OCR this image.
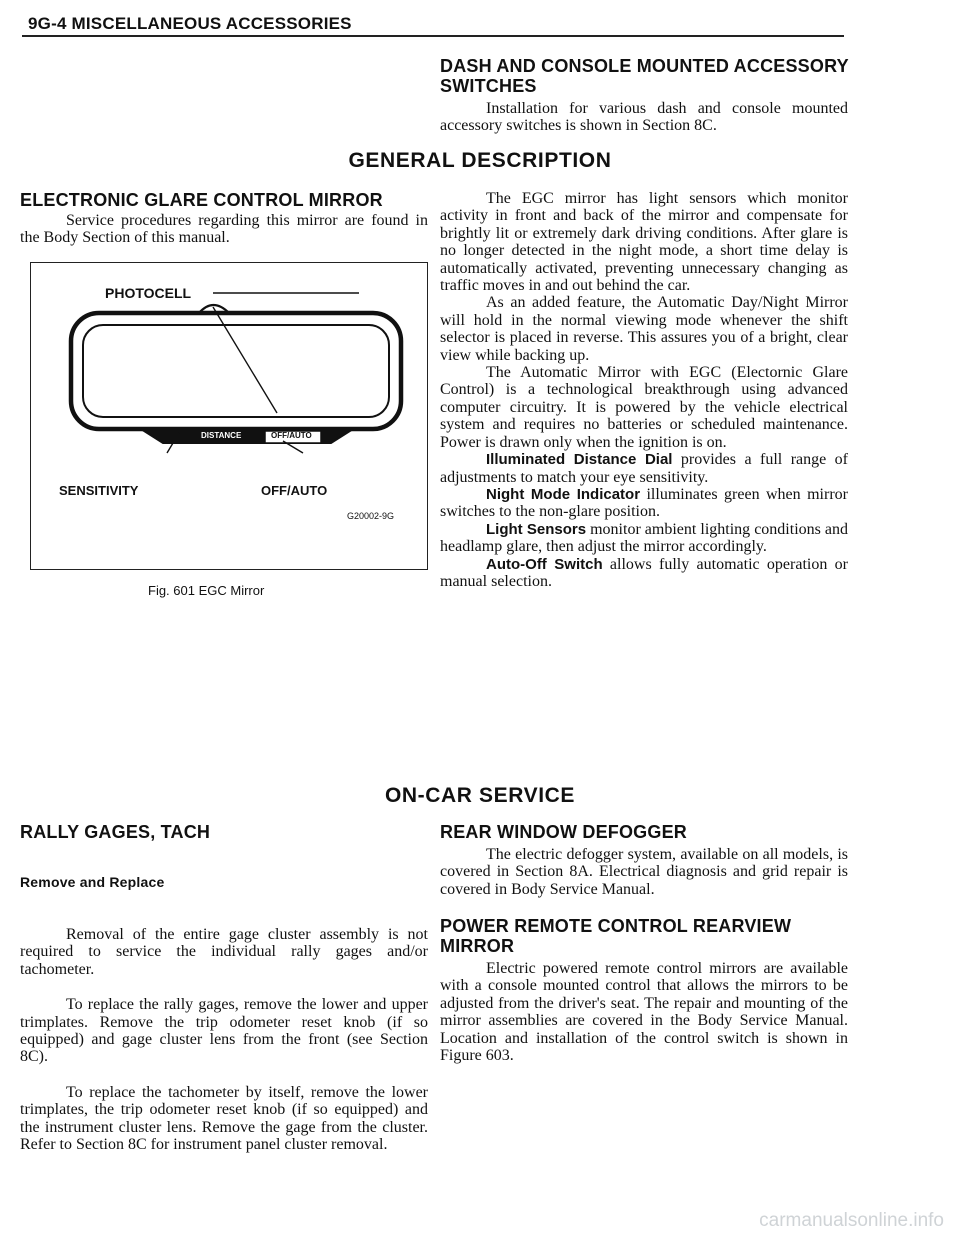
9G-4 MISCELLANEOUS ACCESSORIES
DASH AND CONSOLE MOUNTED ACCESSORY
SWITCHES

Installation for various dash and console mounted accessory switches is shown in Section 8C.

GENERAL DESCRIPTION
ELECTRONIC GLARE CONTROL MIRROR

Service procedures regarding this mirror are found in the Body Section of this manual.

PHOTOCELL
DISTANCE	OFF/AUTO
SENSITIVITY	OFF/AUTO
G20002-9G
Fig. 601 EGC Mirror

The EGC mirror has light sensors which monitor activity in front and back of the mirror and compensate for brightly lit or extremely dark driving conditions. After glare is no longer detected in the night mode, a short time delay is automatically activated, preventing unnecessary changing as traffic moves in and out behind the car.

As an added feature, the Automatic Day/Night Mirror will hold in the normal viewing mode whenever the shift selector is placed in reverse. This assures you of a bright, clear view while backing up.

The Automatic Mirror with EGC (Electornic Glare Control) is a technological breakthrough using advanced computer circuitry. It is powered by the vehicle electrical system and requires no batteries or scheduled maintenance. Power is drawn only when the ignition is on.

Illuminated Distance Dial provides a full range of adjustments to match your eye sensitivity.

Night Mode Indicator illuminates green when mirror switches to the non-glare position.

Light Sensors monitor ambient lighting conditions and headlamp glare, then adjust the mirror accordingly.

Auto-Off Switch allows fully automatic operation or manual selection.

ON-CAR SERVICE
RALLY GAGES, TACH
Remove and Replace

Removal of the entire gage cluster assembly is not required to service the individual rally gages and/or tachometer.

To replace the rally gages, remove the lower and upper trimplates. Remove the trip odometer reset knob (if so equipped) and gage cluster lens from the front (see Section 8C).

To replace the tachometer by itself, remove the lower trimplates, the trip odometer reset knob (if so equipped) and the instrument cluster lens. Remove the gage from the cluster. Refer to Section 8C for instrument panel cluster removal.

REAR WINDOW DEFOGGER

The electric defogger system, available on all models, is covered in Section 8A. Electrical diagnosis and grid repair is covered in Body Service Manual.

POWER REMOTE CONTROL REARVIEW
MIRROR

Electric powered remote control mirrors are available with a console mounted control that allows the mirrors to be adjusted from the driver's seat. The repair and mounting of the mirror assemblies are covered in the Body Service Manual. Location and installation of the control switch is shown in Figure 603.

carmanualsonline.info
